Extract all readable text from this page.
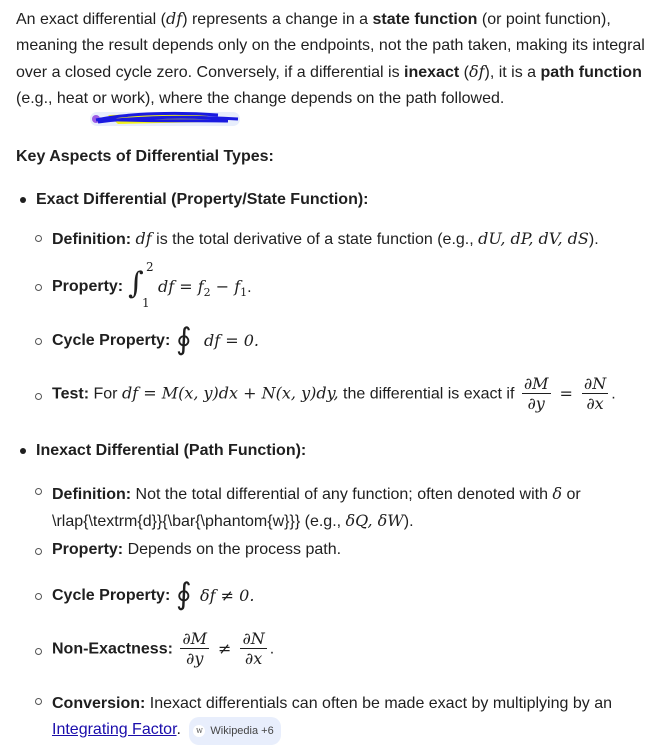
An exact differential (df) represents a change in a state function (or point function), meaning the result depends only on the endpoints, not the path taken, making its integral over a closed cycle zero. Conversely, if a differential is inexact (δf), it is a path function (e.g., heat or work), where the change depends on the path followed.
Key Aspects of Differential Types:
Exact Differential (Property/State Function):
Definition: df is the total derivative of a state function (e.g., dU, dP, dV, dS).
Property: ∫ 2
1
df = $f_2 - f_1$.
Cycle Property: ∮ df = 0.
Test: For df = M(x, y)dx + N(x, y)dy, the differential is exact if $\frac{\partial M}{\partial y} = \frac{\partial N}{\partial x}$ .
Inexact Differential (Path Function):
Definition: Not the total differential of any function; often denoted with δ or
\rlap{\textrm{d}}{\bar{\phantom{w}}} (e.g., δQ, δW).
Property: Depends on the process path.
Cycle Property: ∮ δf ≠ 0.
Non-Exactness: $\frac{\partial M}{\partial y} \ne \frac{\partial N}{\partial x}$ .
Conversion: Inexact differentials can often be made exact by multiplying by an
Integrating Factor.	w Wikipedia +6
